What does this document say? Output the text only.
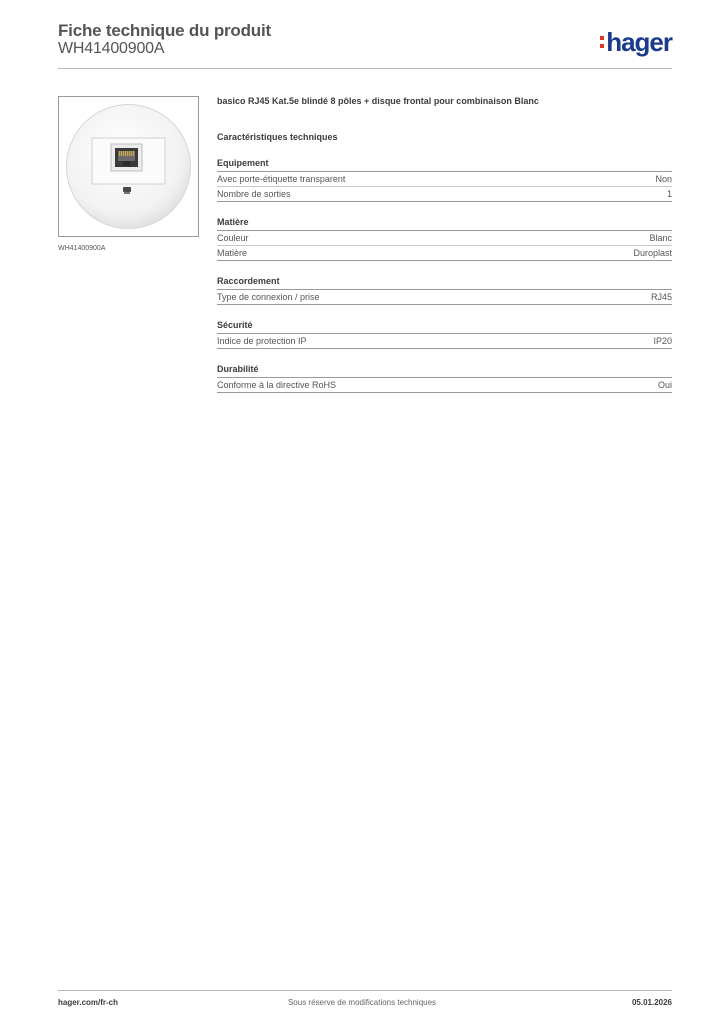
Fiche technique du produit
WH41400900A	hager
WH41400900A

basico RJ45 Kat.5e blindé 8 pôles + disque frontal pour combinaison Blanc

Caractéristiques techniques
Equipement
Avec porte-étiquette transparent	Non
Nombre de sorties	1
Matière
Couleur	Blanc
Matière	Duroplast
Raccordement
Type de connexion / prise	RJ45
Sécurité
Indice de protection IP	IP20
Durabilité
Conforme à la directive RoHS	Oui
hager.com/fr-ch	Sous réserve de modifications techniques	05.01.2026
